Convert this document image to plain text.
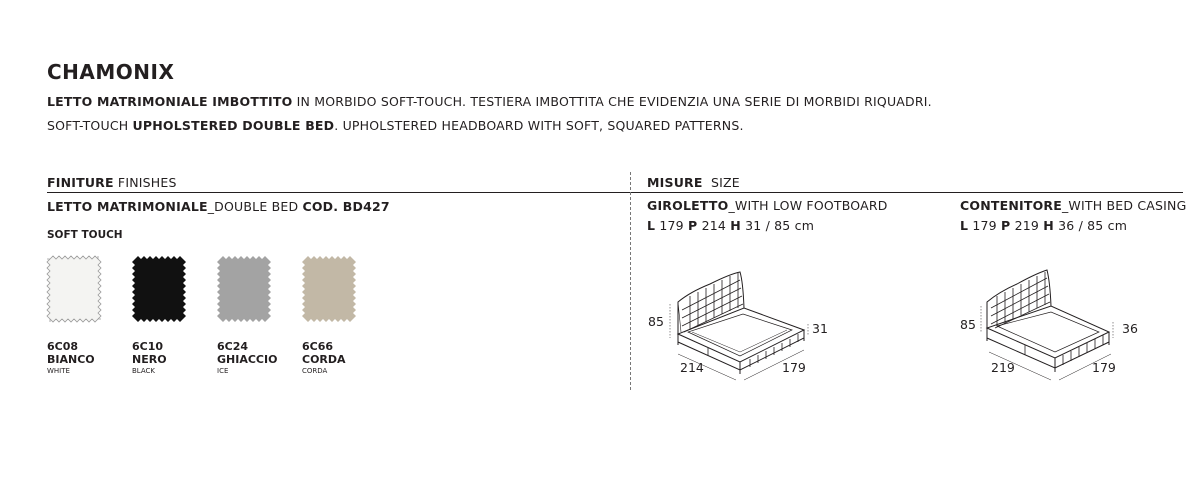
CHAMONIX
LETTO MATRIMONIALE IMBOTTITO IN MORBIDO SOFT-TOUCH. TESTIERA IMBOTTITA CHE EVIDENZIA UNA SERIE DI MORBIDI RIQUADRI.
SOFT-TOUCH UPHOLSTERED DOUBLE BED. UPHOLSTERED HEADBOARD WITH SOFT, SQUARED PATTERNS.
FINITURE FINISHES	MISURE  SIZE
LETTO MATRIMONIALE_DOUBLE BED COD. BD427
SOFT TOUCH
6C08
BIANCO
WHITE
6C10
NERO
BLACK
6C24
GHIACCIO
ICE
6C66
CORDA
CORDA
GIROLETTO_WITH LOW FOOTBOARD
L 179 P 214 H 31 / 85 cm
85	31
214	179
CONTENITORE_WITH BED CASING
L 179 P 219 H 36 / 85 cm
85	36
219	179
